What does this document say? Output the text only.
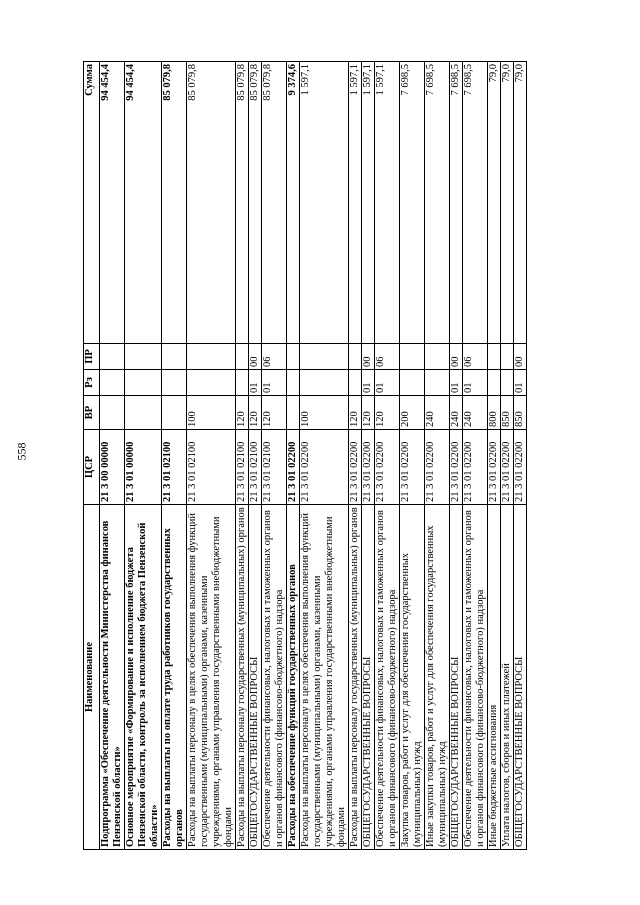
558
Наименование	ЦСР	ВР	Рз	ПР	Сумма
Подпрограмма «Обеспечение деятельности Министерства финансов Пензенской области»	21 3 00 00000				94 454,4
Основное мероприятие «Формирование и исполнение бюджета Пензенской области, контроль за исполнением бюджета Пензенской области»	21 3 01 00000				94 454,4
Расходы на выплаты по оплате труда работников государственных органов	21 3 01 02100				85 079,8
Расходы на выплаты персоналу в целях обеспечения выполнения функций государственными (муниципальными) органами, казенными учреждениями, органами управления государственными внебюджетными фондами	21 3 01 02100	100			85 079,8
Расходы на выплаты персоналу государственных (муниципальных) органов	21 3 01 02100	120			85 079,8
ОБЩЕГОСУДАРСТВЕННЫЕ ВОПРОСЫ	21 3 01 02100	120	01	00	85 079,8
Обеспечение деятельности финансовых, налоговых и таможенных органов и органов финансового (финансово-бюджетного) надзора	21 3 01 02100	120	01	06	85 079,8
Расходы на обеспечение функций государственных органов	21 3 01 02200				9 374,6
Расходы на выплаты персоналу в целях обеспечения выполнения функций государственными (муниципальными) органами, казенными учреждениями, органами управления государственными внебюджетными фондами	21 3 01 02200	100			1 597,1
Расходы на выплаты персоналу государственных (муниципальных) органов	21 3 01 02200	120			1 597,1
ОБЩЕГОСУДАРСТВЕННЫЕ ВОПРОСЫ	21 3 01 02200	120	01	00	1 597,1
Обеспечение деятельности финансовых, налоговых и таможенных органов и органов финансового (финансово-бюджетного) надзора	21 3 01 02200	120	01	06	1 597,1
Закупка товаров, работ и услуг для обеспечения государственных (муниципальных) нужд	21 3 01 02200	200			7 698,5
Иные закупки товаров, работ и услуг для обеспечения государственных (муниципальных) нужд	21 3 01 02200	240			7 698,5
ОБЩЕГОСУДАРСТВЕННЫЕ ВОПРОСЫ	21 3 01 02200	240	01	00	7 698,5
Обеспечение деятельности финансовых, налоговых и таможенных органов и органов финансового (финансово-бюджетного) надзора	21 3 01 02200	240	01	06	7 698,5
Иные бюджетные ассигнования	21 3 01 02200	800			79,0
Уплата налогов, сборов и иных платежей	21 3 01 02200	850			79,0
ОБЩЕГОСУДАРСТВЕННЫЕ ВОПРОСЫ	21 3 01 02200	850	01	00	79,0
